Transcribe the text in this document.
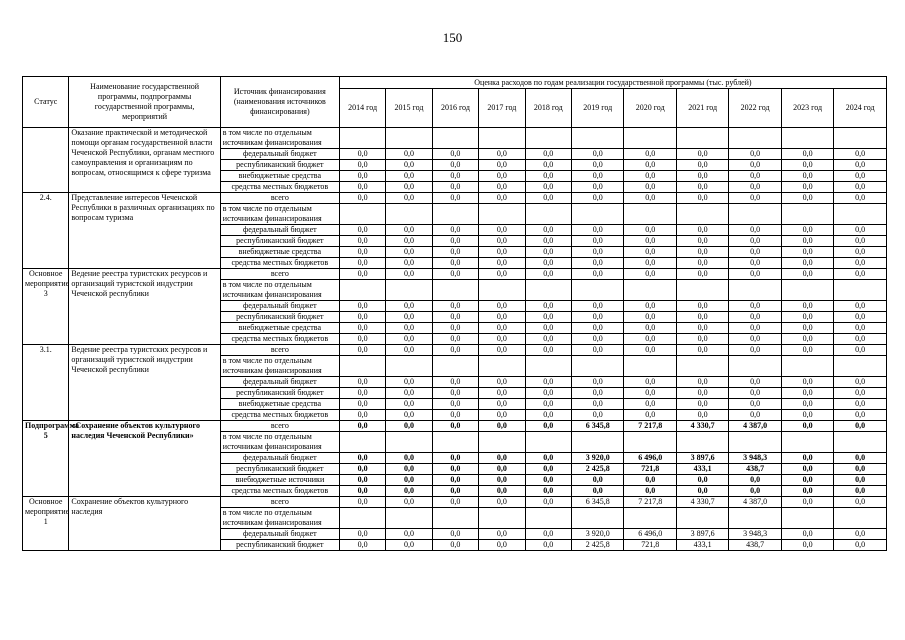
150
Статус	Наименование государственной программы, подпрограммы государственной программы, мероприятий	Источник финансирования (наименования источников финансирования)	Оценка расходов по годам реализации государственной программы (тыс. рублей)										
			2014 год	2015 год	2016 год	2017 год	2018 год	2019 год	2020 год	2021 год	2022 год	2023 год	2024 год
	Оказание практической и методической помощи органам государственной власти Чеченской Республики, органам местного самоуправления и организациям по вопросам, относящимся к сфере туризма	в том числе по отдельным источникам финансирования											
		федеральный бюджет	0,0	0,0	0,0	0,0	0,0	0,0	0,0	0,0	0,0	0,0	0,0
		республиканский бюджет	0,0	0,0	0,0	0,0	0,0	0,0	0,0	0,0	0,0	0,0	0,0
		внебюджетные средства	0,0	0,0	0,0	0,0	0,0	0,0	0,0	0,0	0,0	0,0	0,0
		средства местных бюджетов	0,0	0,0	0,0	0,0	0,0	0,0	0,0	0,0	0,0	0,0	0,0
2.4.	Представление интересов Чеченской Республики в различных организациях по вопросам туризма	всего	0,0	0,0	0,0	0,0	0,0	0,0	0,0	0,0	0,0	0,0	0,0
		в том числе по отдельным источникам финансирования											
		федеральный бюджет	0,0	0,0	0,0	0,0	0,0	0,0	0,0	0,0	0,0	0,0	0,0
		республиканский бюджет	0,0	0,0	0,0	0,0	0,0	0,0	0,0	0,0	0,0	0,0	0,0
		внебюджетные средства	0,0	0,0	0,0	0,0	0,0	0,0	0,0	0,0	0,0	0,0	0,0
		средства местных бюджетов	0,0	0,0	0,0	0,0	0,0	0,0	0,0	0,0	0,0	0,0	0,0
Основное мероприятие 3	Ведение реестра туристских ресурсов и организаций туристской индустрии Чеченской республики	всего	0,0	0,0	0,0	0,0	0,0	0,0	0,0	0,0	0,0	0,0	0,0
		в том числе по отдельным источникам финансирования											
		федеральный бюджет	0,0	0,0	0,0	0,0	0,0	0,0	0,0	0,0	0,0	0,0	0,0
		республиканский бюджет	0,0	0,0	0,0	0,0	0,0	0,0	0,0	0,0	0,0	0,0	0,0
		внебюджетные средства	0,0	0,0	0,0	0,0	0,0	0,0	0,0	0,0	0,0	0,0	0,0
		средства местных бюджетов	0,0	0,0	0,0	0,0	0,0	0,0	0,0	0,0	0,0	0,0	0,0
3.1.	Ведение реестра туристских ресурсов и организаций туристской индустрии Чеченской республики	всего	0,0	0,0	0,0	0,0	0,0	0,0	0,0	0,0	0,0	0,0	0,0
		в том числе по отдельным источникам финансирования											
		федеральный бюджет	0,0	0,0	0,0	0,0	0,0	0,0	0,0	0,0	0,0	0,0	0,0
		республиканский бюджет	0,0	0,0	0,0	0,0	0,0	0,0	0,0	0,0	0,0	0,0	0,0
		внебюджетные средства	0,0	0,0	0,0	0,0	0,0	0,0	0,0	0,0	0,0	0,0	0,0
		средства местных бюджетов	0,0	0,0	0,0	0,0	0,0	0,0	0,0	0,0	0,0	0,0	0,0
Подпрограмма 5	«Сохранение объектов культурного наследия Чеченской Республики»	всего	0,0	0,0	0,0	0,0	0,0	6 345,8	7 217,8	4 330,7	4 387,0	0,0	0,0
		в том числе по отдельным источникам финансирования											
		федеральный бюджет	0,0	0,0	0,0	0,0	0,0	3 920,0	6 496,0	3 897,6	3 948,3	0,0	0,0
		республиканский бюджет	0,0	0,0	0,0	0,0	0,0	2 425,8	721,8	433,1	438,7	0,0	0,0
		внебюджетные источники	0,0	0,0	0,0	0,0	0,0	0,0	0,0	0,0	0,0	0,0	0,0
		средства местных бюджетов	0,0	0,0	0,0	0,0	0,0	0,0	0,0	0,0	0,0	0,0	0,0
Основное мероприятие 1	Сохранение объектов культурного наследия	всего	0,0	0,0	0,0	0,0	0,0	6 345,8	7 217,8	4 330,7	4 387,0	0,0	0,0
		в том числе по отдельным источникам финансирования											
		федеральный бюджет	0,0	0,0	0,0	0,0	0,0	3 920,0	6 496,0	3 897,6	3 948,3	0,0	0,0
		республиканский бюджет	0,0	0,0	0,0	0,0	0,0	2 425,8	721,8	433,1	438,7	0,0	0,0
